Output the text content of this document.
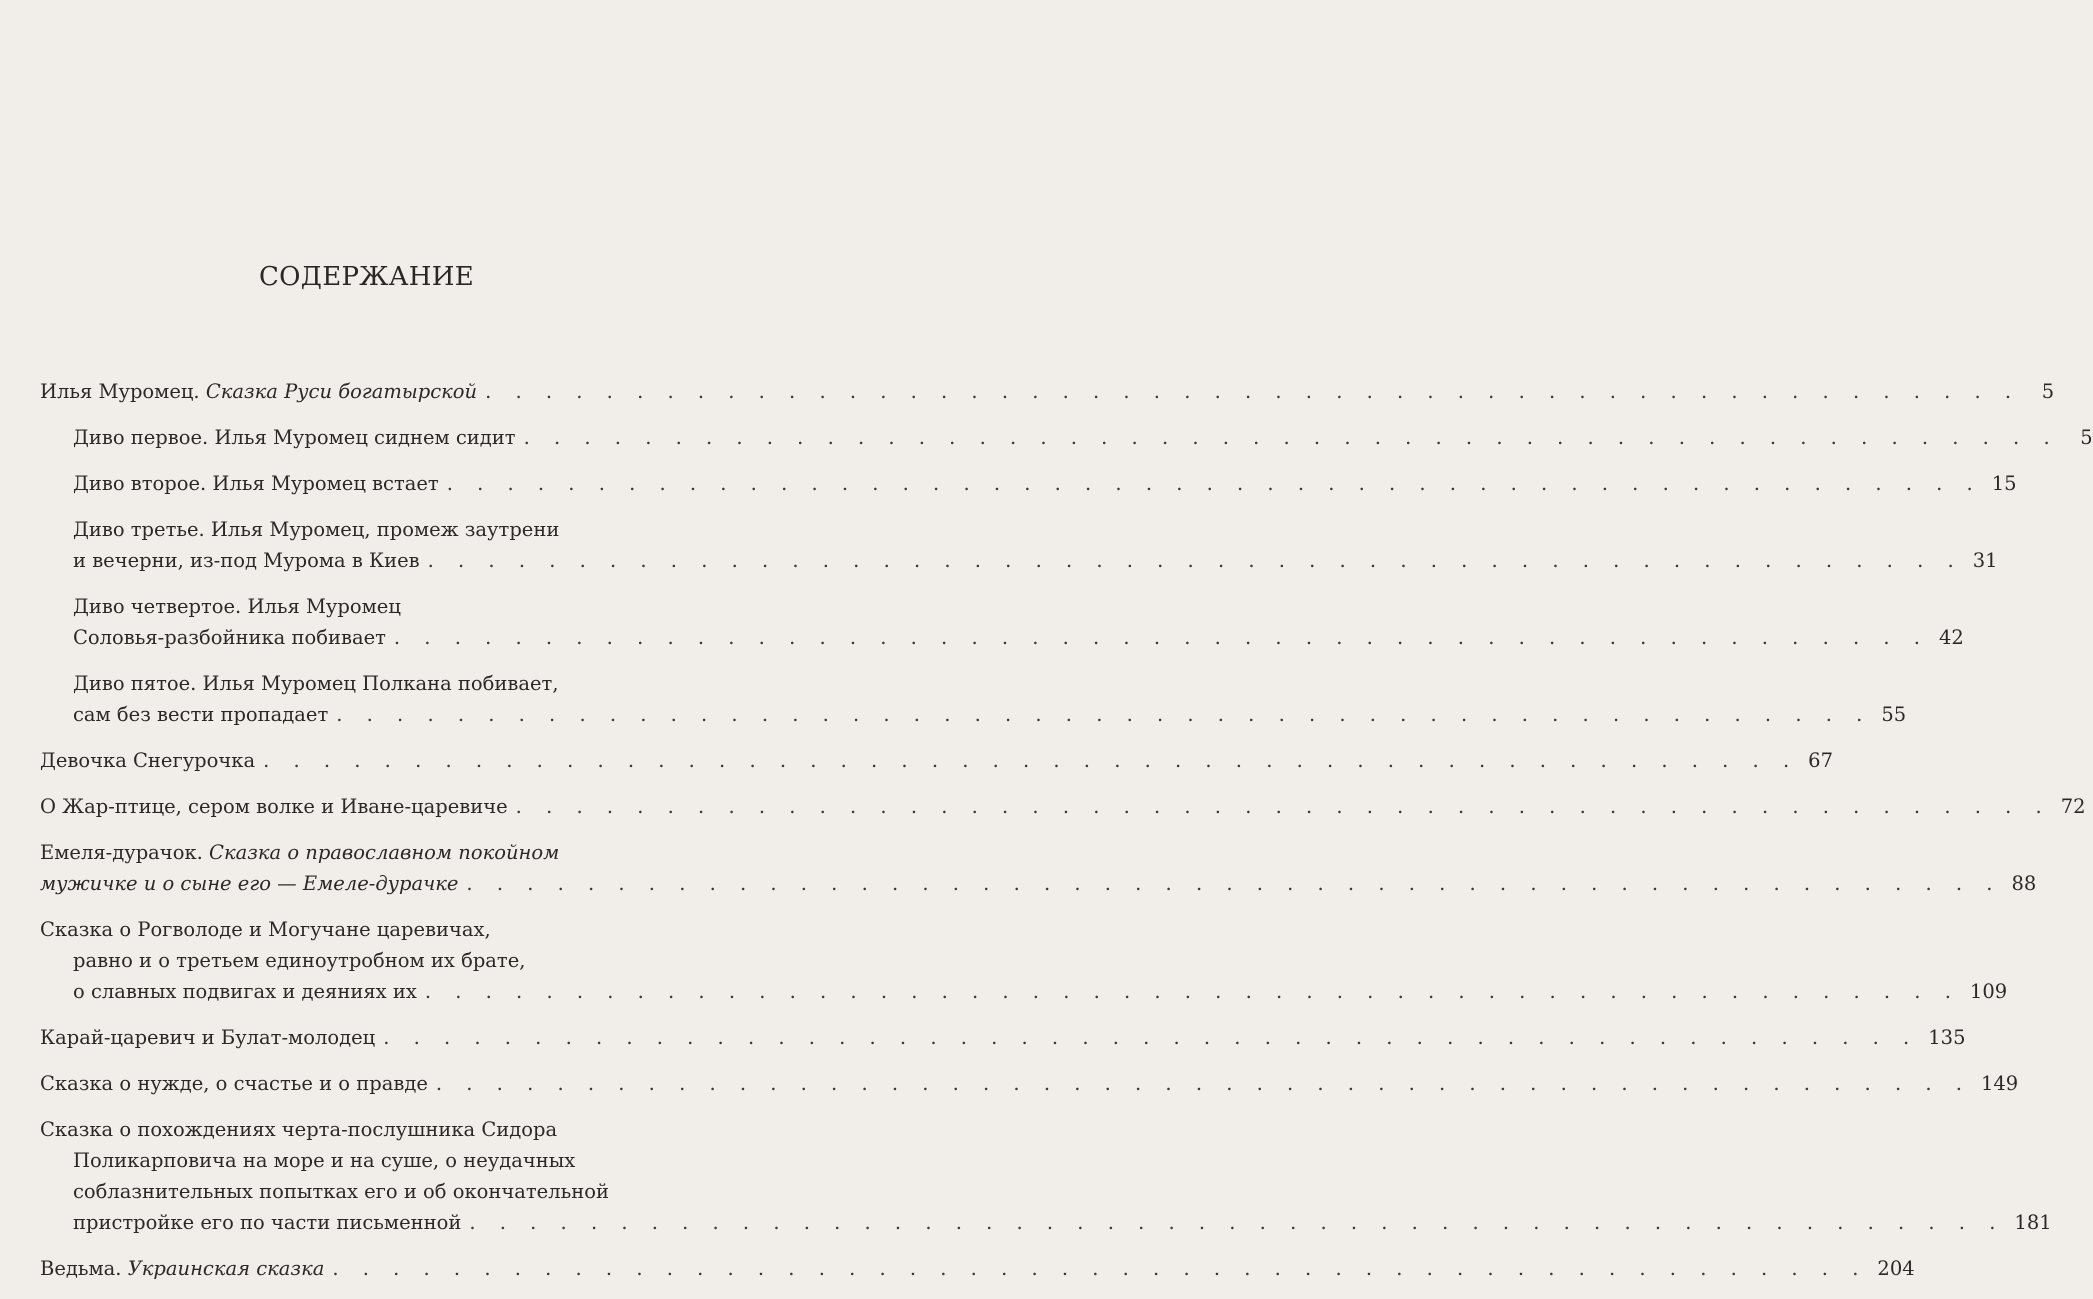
СОДЕРЖАНИЕ
Илья Муромец. Сказка Руси богатырской . . . . . . . . . . . . . . . . . . . . . . . . . . . . . . . . . . . . . . . . . . . . . . . . . . .	5
Диво первое. Илья Муромец сиднем сидит . . . . . . . . . . . . . . . . . . . . . . . . . . . . . . . . . . . . . . . . . . . . . . . . . . .	5
Диво второе. Илья Муромец встает . . . . . . . . . . . . . . . . . . . . . . . . . . . . . . . . . . . . . . . . . . . . . . . . . . . 15
Диво третье. Илья Муромец, промеж заутрени
и вечерни, из-под Мурома в Киев . . . . . . . . . . . . . . . . . . . . . . . . . . . . . . . . . . . . . . . . . . . . . . . . . . . 31
Диво четвертое. Илья Муромец
Соловья-разбойника побивает . . . . . . . . . . . . . . . . . . . . . . . . . . . . . . . . . . . . . . . . . . . . . . . . . . . 42
Диво пятое. Илья Муромец Полкана побивает,
сам без вести пропадает . . . . . . . . . . . . . . . . . . . . . . . . . . . . . . . . . . . . . . . . . . . . . . . . . . . 55
Девочка Снегурочка . . . . . . . . . . . . . . . . . . . . . . . . . . . . . . . . . . . . . . . . . . . . . . . . . . . 67
О Жар-птице, сером волке и Иване-царевиче . . . . . . . . . . . . . . . . . . . . . . . . . . . . . . . . . . . . . . . . . . . . . . . . . . . 72
Емеля-дурачок. Сказка о православном покойном
мужичке и о сыне его — Емеле-дурачке . . . . . . . . . . . . . . . . . . . . . . . . . . . . . . . . . . . . . . . . . . . . . . . . . . . 88
Сказка о Рогволоде и Могучане царевичах,
равно и о третьем единоутробном их брате,
о славных подвигах и деяниях их . . . . . . . . . . . . . . . . . . . . . . . . . . . . . . . . . . . . . . . . . . . . . . . . . . . 109
Карай-царевич и Булат-молодец . . . . . . . . . . . . . . . . . . . . . . . . . . . . . . . . . . . . . . . . . . . . . . . . . . . 135
Сказка о нужде, о счастье и о правде . . . . . . . . . . . . . . . . . . . . . . . . . . . . . . . . . . . . . . . . . . . . . . . . . . . 149
Сказка о похождениях черта-послушника Сидора
Поликарповича на море и на суше, о неудачных
соблазнительных попытках его и об окончательной
пристройке его по части письменной . . . . . . . . . . . . . . . . . . . . . . . . . . . . . . . . . . . . . . . . . . . . . . . . . . . 181
Ведьма. Украинская сказка . . . . . . . . . . . . . . . . . . . . . . . . . . . . . . . . . . . . . . . . . . . . . . . . . . . 204
